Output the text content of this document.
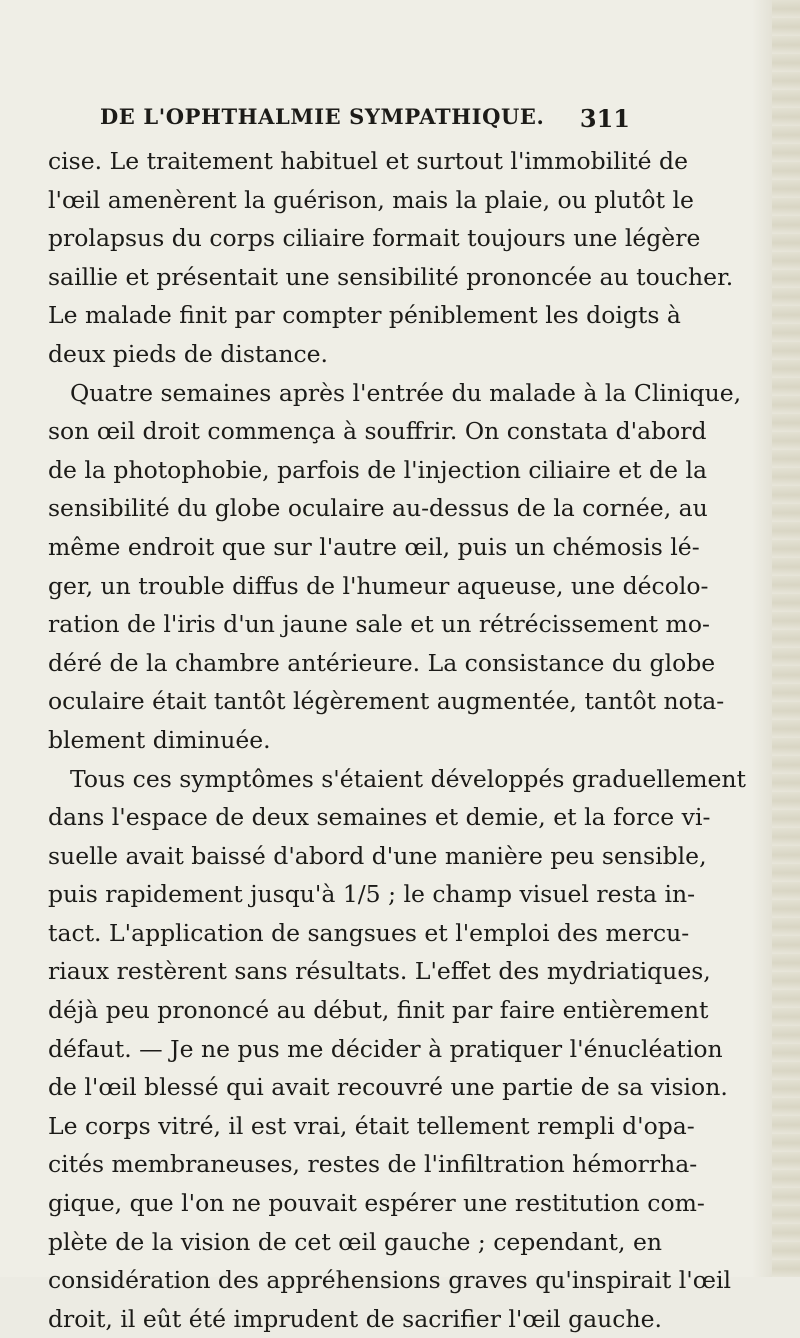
DE L'OPHTHALMIE SYMPATHIQUE. 311
cise. Le traitement habituel et surtout l'immobilité de
l'œil amenèrent la guérison, mais la plaie, ou plutôt le
prolapsus du corps ciliaire formait toujours une légère
saillie et présentait une sensibilité prononcée au toucher.
Le malade finit par compter péniblement les doigts à
deux pieds de distance.
Quatre semaines après l'entrée du malade à la Clinique,
son œil droit commença à souffrir. On constata d'abord
de la photophobie, parfois de l'injection ciliaire et de la
sensibilité du globe oculaire au-dessus de la cornée, au
même endroit que sur l'autre œil, puis un chémosis lé-
ger, un trouble diffus de l'humeur aqueuse, une décolo-
ration de l'iris d'un jaune sale et un rétrécissement mo-
déré de la chambre antérieure. La consistance du globe
oculaire était tantôt légèrement augmentée, tantôt nota-
blement diminuée.
Tous ces symptômes s'étaient développés graduellement
dans l'espace de deux semaines et demie, et la force vi-
suelle avait baissé d'abord d'une manière peu sensible,
puis rapidement jusqu'à 1/5 ; le champ visuel resta in-
tact. L'application de sangsues et l'emploi des mercu-
riaux restèrent sans résultats. L'effet des mydriatiques,
déjà peu prononcé au début, finit par faire entièrement
défaut. — Je ne pus me décider à pratiquer l'énucléation
de l'œil blessé qui avait recouvré une partie de sa vision.
Le corps vitré, il est vrai, était tellement rempli d'opa-
cités membraneuses, restes de l'infiltration hémorrha-
gique, que l'on ne pouvait espérer une restitution com-
plète de la vision de cet œil gauche ; cependant, en
considération des appréhensions graves qu'inspirait l'œil
droit, il eût été imprudent de sacrifier l'œil gauche.
